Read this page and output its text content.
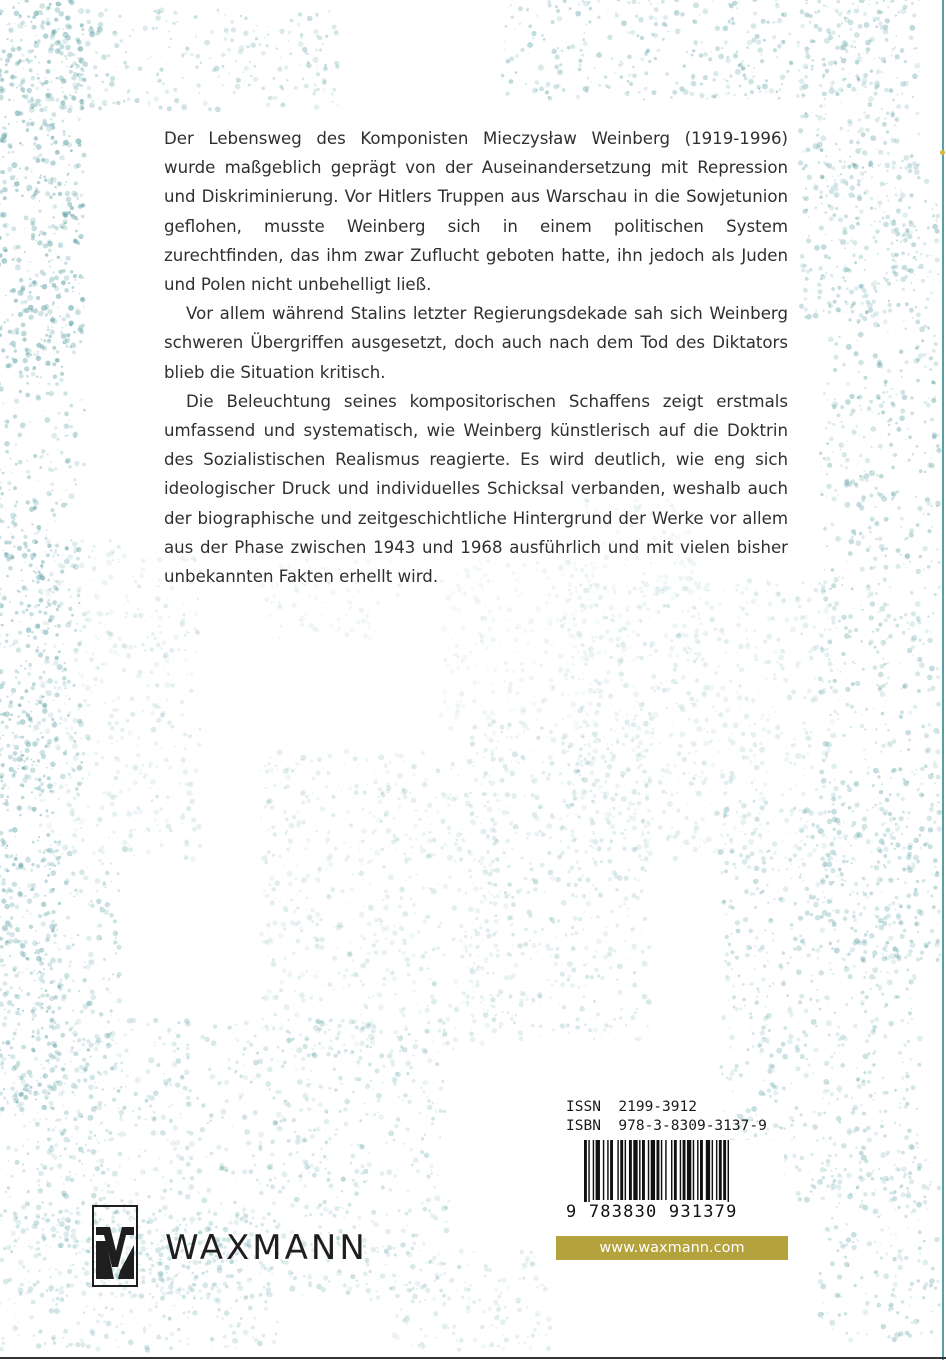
Der Lebensweg des Komponisten Mieczysław Weinberg (1919-1996) wurde maßgeblich geprägt von der Auseinandersetzung mit Repression und Diskriminierung. Vor Hitlers Truppen aus Warschau in die Sowjetunion geflohen, musste Weinberg sich in einem politischen System zurechtfinden, das ihm zwar Zuflucht geboten hatte, ihn jedoch als Juden und Polen nicht unbehelligt ließ.

Vor allem während Stalins letzter Regierungsdekade sah sich Weinberg schweren Übergriffen ausgesetzt, doch auch nach dem Tod des Diktators blieb die Situation kritisch.

Die Beleuchtung seines kompositorischen Schaffens zeigt erstmals umfassend und systematisch, wie Weinberg künstlerisch auf die Doktrin des Sozialistischen Realismus reagierte. Es wird deutlich, wie eng sich ideologischer Druck und individuelles Schicksal verbanden, weshalb auch der biographische und zeitgeschichtliche Hintergrund der Werke vor allem aus der Phase zwischen 1943 und 1968 ausführlich und mit vielen bisher unbekannten Fakten erhellt wird.

ISSN 2199-3912
ISBN 978-3-8309-3137-9
9 783830 931379
www.waxmann.com
WAXMANN
